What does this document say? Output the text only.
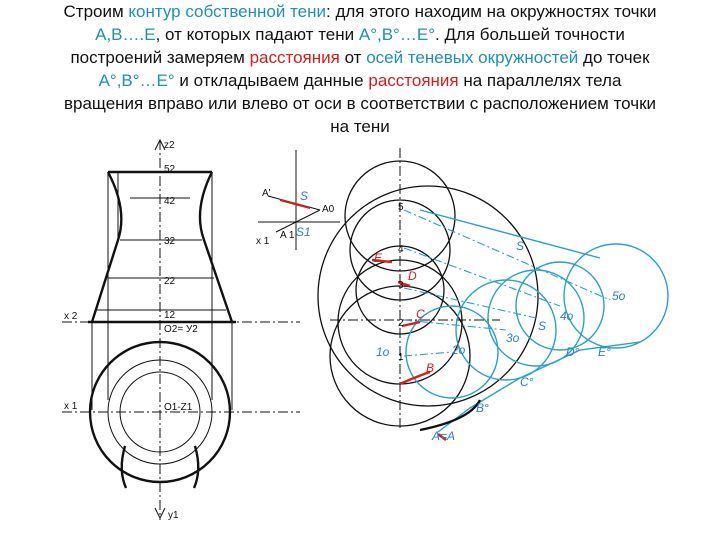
Строим контур собственной тени: для этого находим на окружностях точки
А,В….Е, от которых падают тени А°,В°…Е°. Для большей точности
построений замеряем расстояния от осей теневых окружностей до точек
А°,В°…Е° и откладываем данные расстояния на параллелях тела
вращения вправо или влево от оси в соответствии с расположением точки
на тени
z2
52
42
32
22
12
O2= У2
O1-Z1
x 2
x 1
y1
A'
A 1
x 1
A0
S
S1
5
4
3
2
1
E
D
C
B
E°
D°
C°
B°
A=A
S
S
5o
4o
3o
2o
1o
